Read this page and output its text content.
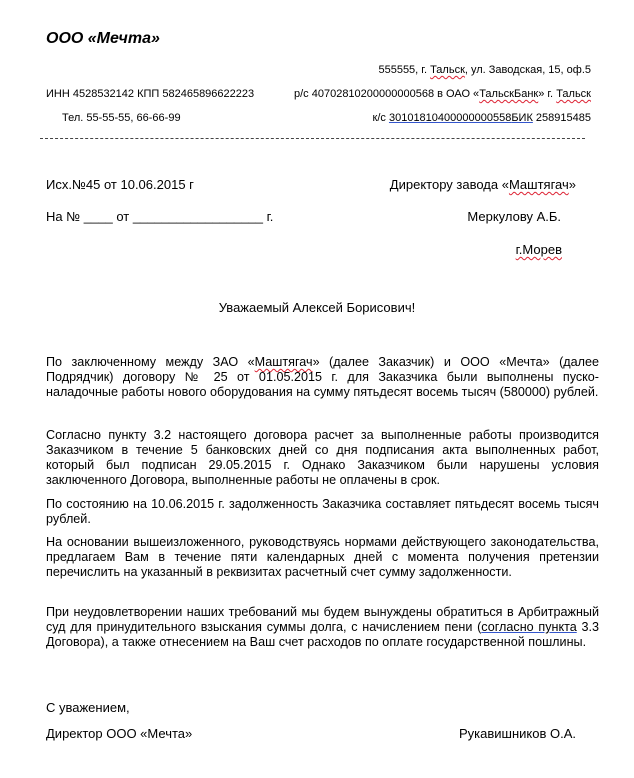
ООО «Мечта»
555555, г. Тальск, ул. Заводская, 15, оф.5
ИНН 4528532142 КПП 582465896622223	р/с 40702810200000000568 в ОАО «ТальскБанк» г. Тальск
Тел. 55-55-55, 66-66-99	к/с 30101810400000000558БИК 258915485
Исх.№45 от 10.06.2015 г	Директору завода «Маштягач»
На № ____ от __________________ г.	Меркулову А.Б.
г.Морев
Уважаемый Алексей Борисович!
По заключенному между ЗАО «Маштягач» (далее Заказчик) и ООО «Мечта» (далее Подрядчик) договору № 25 от 01.05.2015 г. для Заказчика были выполнены пуско-наладочные работы нового оборудования на сумму пятьдесят восемь тысяч (580000) рублей.
Согласно пункту 3.2 настоящего договора расчет за выполненные работы производится Заказчиком в течение 5 банковских дней со дня подписания акта выполненных работ, который был подписан 29.05.2015 г. Однако Заказчиком были нарушены условия заключенного Договора, выполненные работы не оплачены в срок.
По состоянию на 10.06.2015 г. задолженность Заказчика составляет пятьдесят восемь тысяч рублей.
На основании вышеизложенного, руководствуясь нормами действующего законодательства, предлагаем Вам в течение пяти календарных дней с момента получения претензии перечислить на указанный в реквизитах расчетный счет сумму задолженности.
При неудовлетворении наших требований мы будем вынуждены обратиться в Арбитражный суд для принудительного взыскания суммы долга, с начислением пени (согласно пункта 3.3 Договора), а также отнесением на Ваш счет расходов по оплате государственной пошлины.
С уважением,
Директор ООО «Мечта»	Рукавишников О.А.
